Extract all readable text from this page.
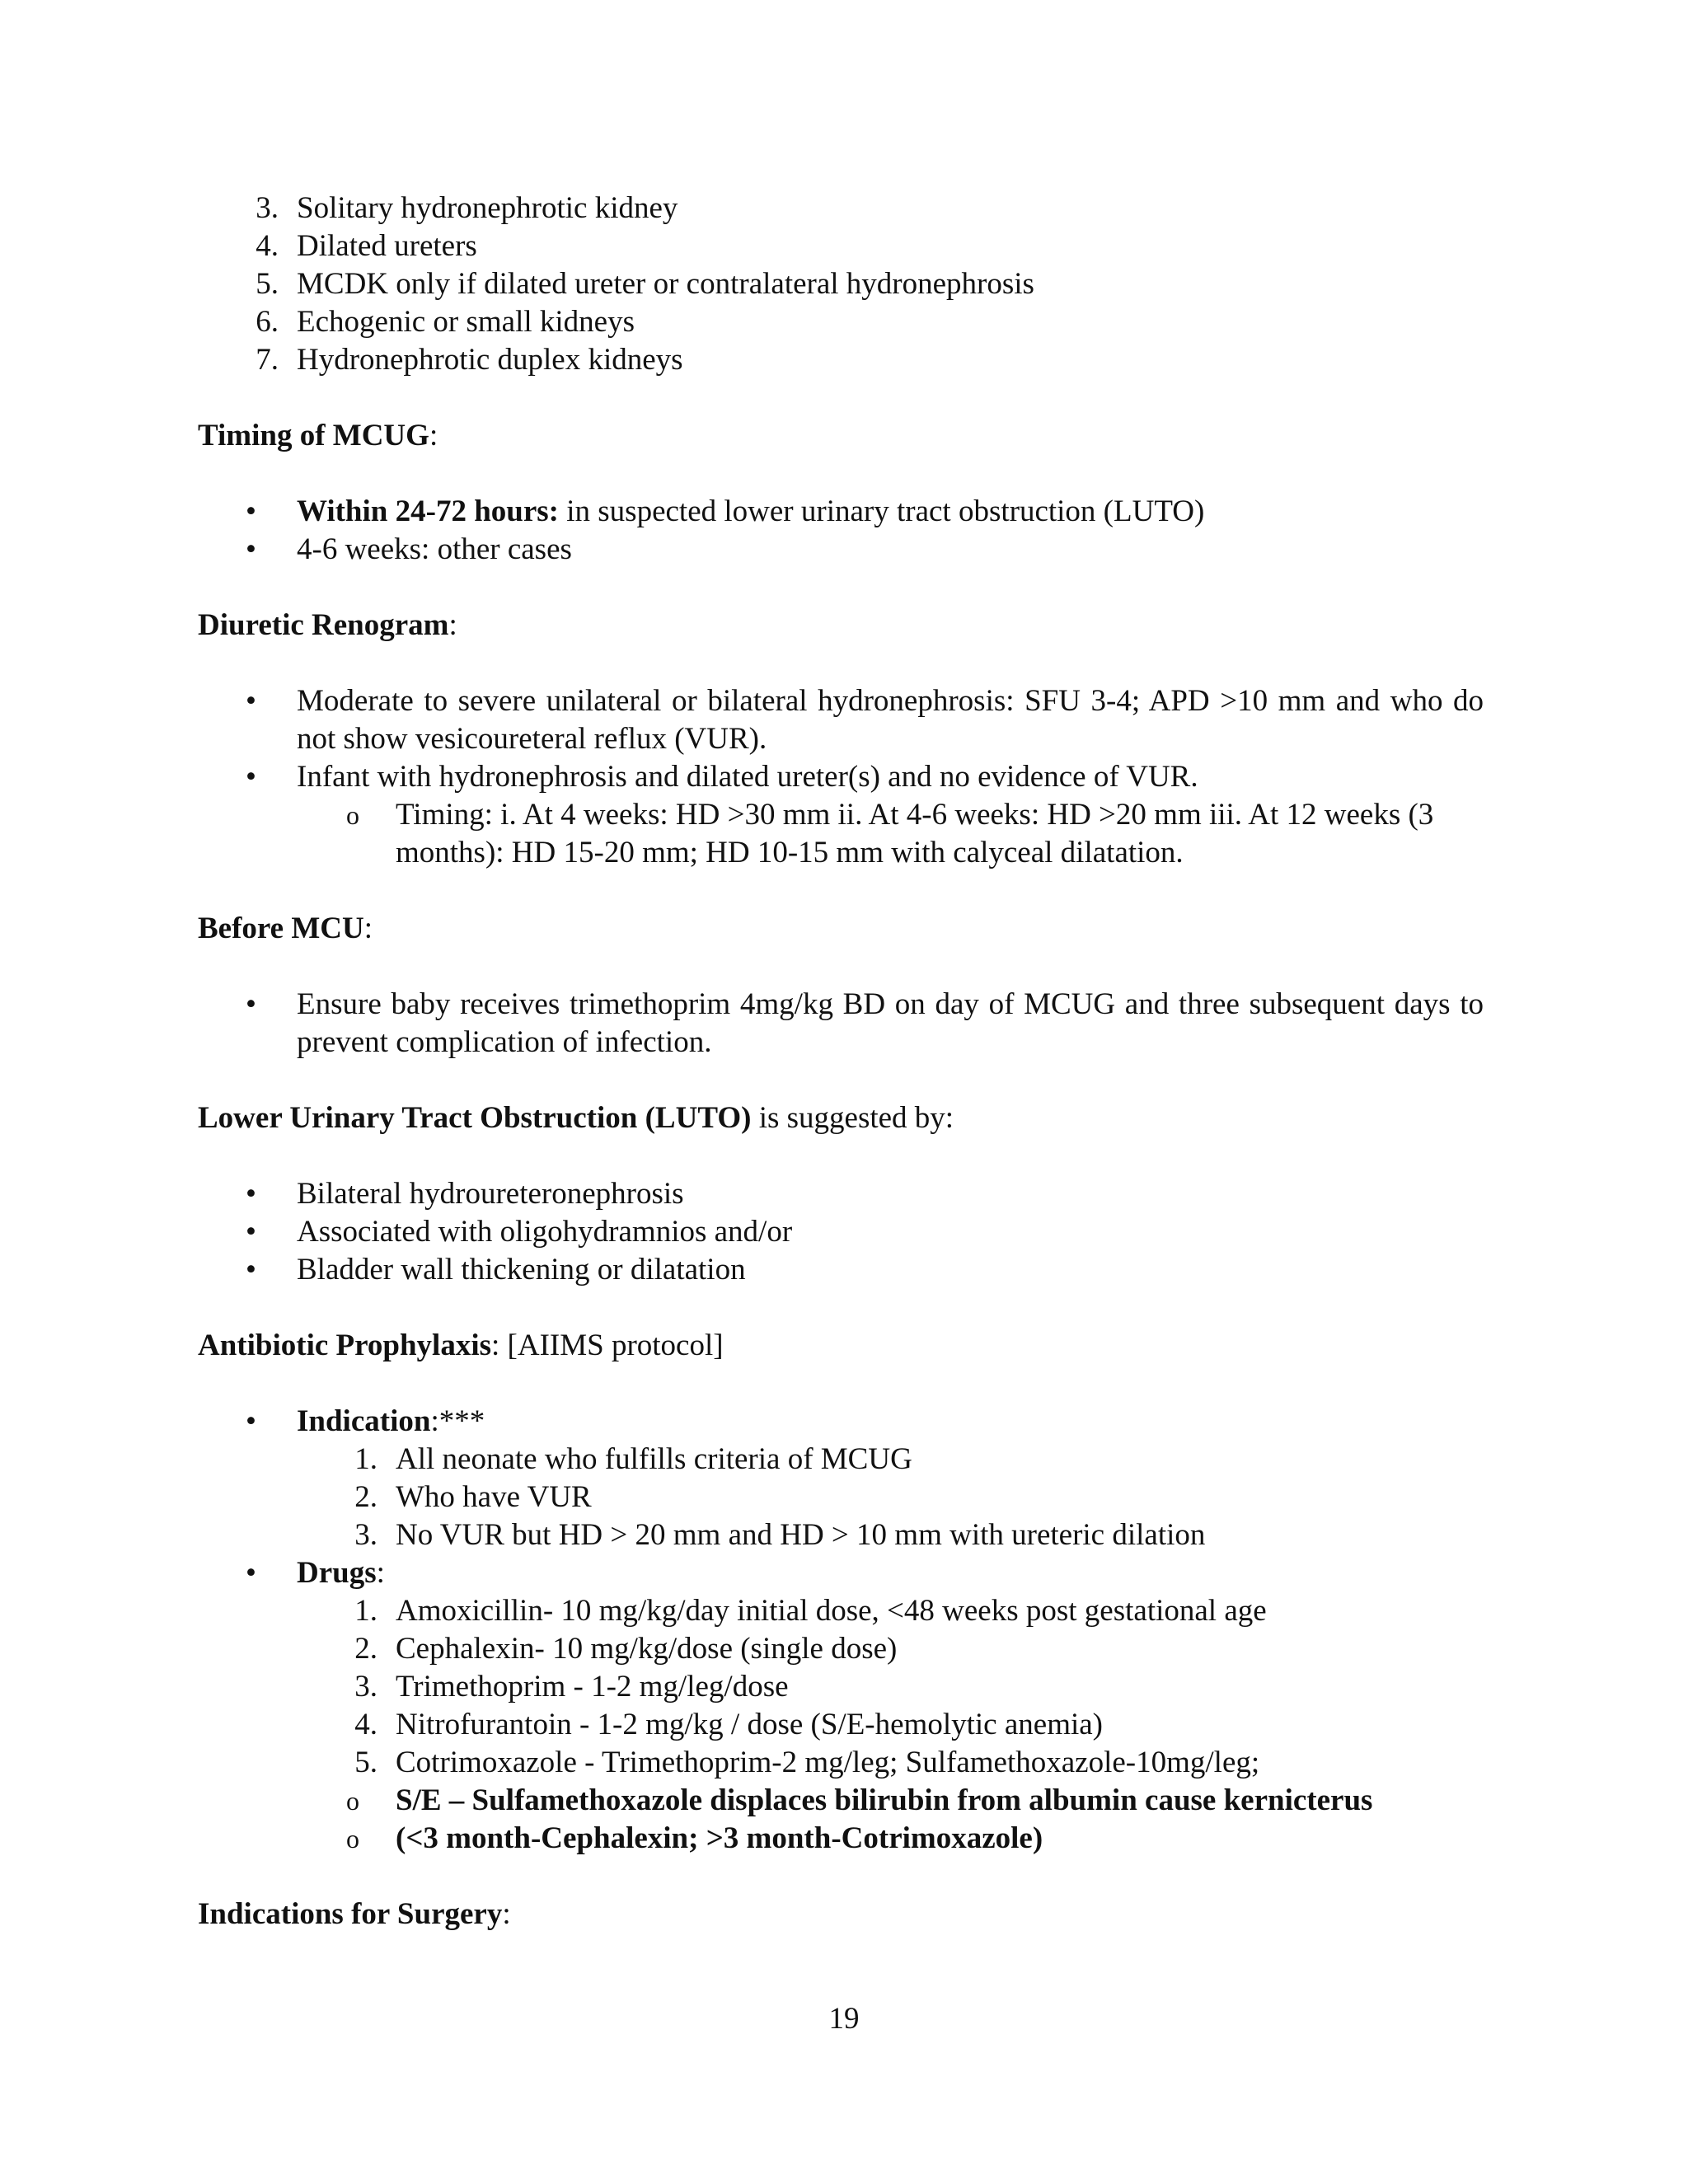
3. Solitary hydronephrotic kidney
4. Dilated ureters
5. MCDK only if dilated ureter or contralateral hydronephrosis
6. Echogenic or small kidneys
7. Hydronephrotic duplex kidneys
Timing of MCUG:
• Within 24-72 hours: in suspected lower urinary tract obstruction (LUTO)
• 4-6 weeks: other cases
Diuretic Renogram:
• Moderate to severe unilateral or bilateral hydronephrosis: SFU 3-4; APD >10 mm and who do not show vesicoureteral reflux (VUR).
• Infant with hydronephrosis and dilated ureter(s) and no evidence of VUR.
o Timing: i. At 4 weeks: HD >30 mm ii. At 4-6 weeks: HD >20 mm iii. At 12 weeks (3 months): HD 15-20 mm; HD 10-15 mm with calyceal dilatation.
Before MCU:
• Ensure baby receives trimethoprim 4mg/kg BD on day of MCUG and three subsequent days to prevent complication of infection.
Lower Urinary Tract Obstruction (LUTO) is suggested by:
• Bilateral hydroureteronephrosis
• Associated with oligohydramnios and/or
• Bladder wall thickening or dilatation
Antibiotic Prophylaxis: [AIIMS protocol]
• Indication:***
1. All neonate who fulfills criteria of MCUG
2. Who have VUR
3. No VUR but HD > 20 mm and HD > 10 mm with ureteric dilation
• Drugs:
1. Amoxicillin- 10 mg/kg/day initial dose, <48 weeks post gestational age
2. Cephalexin- 10 mg/kg/dose (single dose)
3. Trimethoprim - 1-2 mg/leg/dose
4. Nitrofurantoin - 1-2 mg/kg / dose (S/E-hemolytic anemia)
5. Cotrimoxazole - Trimethoprim-2 mg/leg; Sulfamethoxazole-10mg/leg;
o S/E – Sulfamethoxazole displaces bilirubin from albumin cause kernicterus
o (<3 month-Cephalexin; >3 month-Cotrimoxazole)
Indications for Surgery:
19
